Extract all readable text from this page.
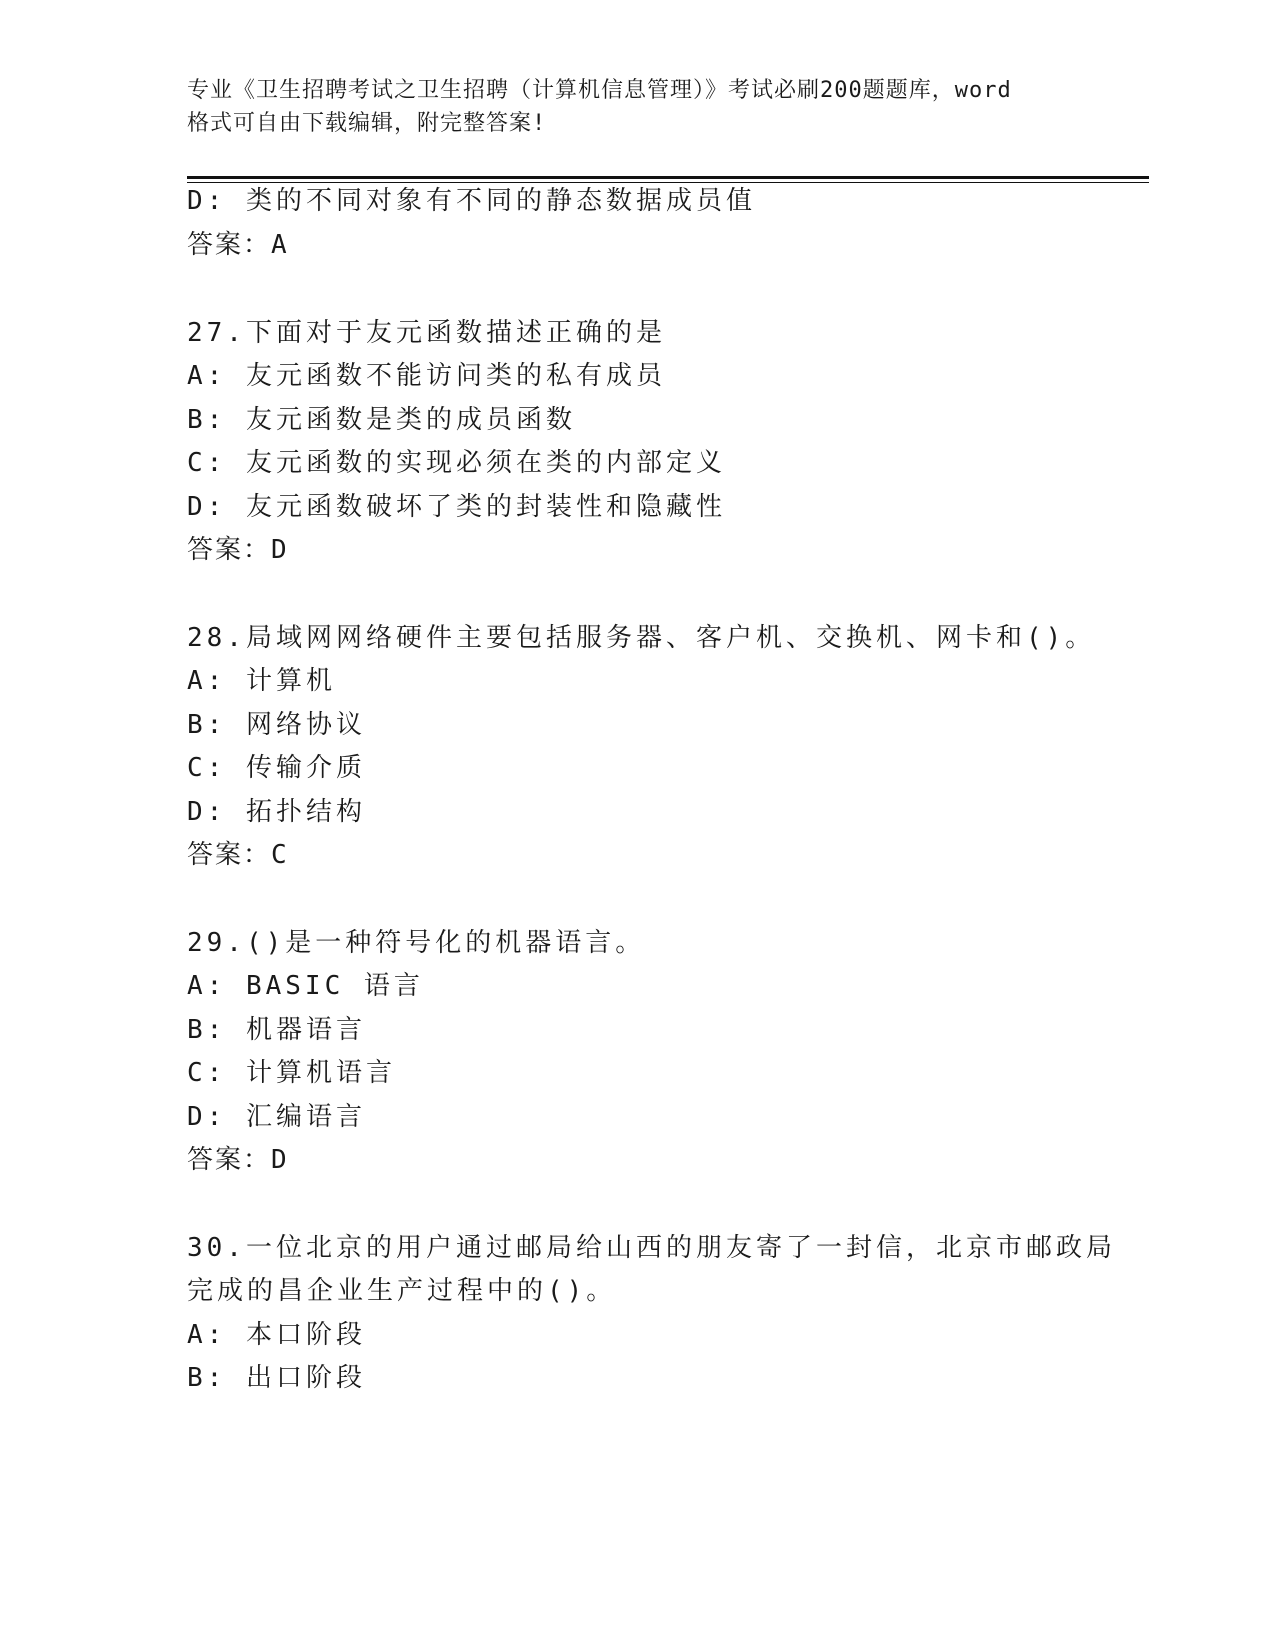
专业《卫生招聘考试之卫生招聘（计算机信息管理）》考试必刷200题题库，word
格式可自由下载编辑，附完整答案!
D: 类的不同对象有不同的静态数据成员值
答案：A
27.下面对于友元函数描述正确的是
A: 友元函数不能访问类的私有成员
B: 友元函数是类的成员函数
C: 友元函数的实现必须在类的内部定义
D: 友元函数破坏了类的封装性和隐藏性
答案：D
28.局域网网络硬件主要包括服务器、客户机、交换机、网卡和()。
A: 计算机
B: 网络协议
C: 传输介质
D: 拓扑结构
答案：C
29.()是一种符号化的机器语言。
A: BASIC 语言
B: 机器语言
C: 计算机语言
D: 汇编语言
答案：D
30.一位北京的用户通过邮局给山西的朋友寄了一封信，北京市邮政局
完成的昌企业生产过程中的()。
A: 本口阶段
B: 出口阶段
